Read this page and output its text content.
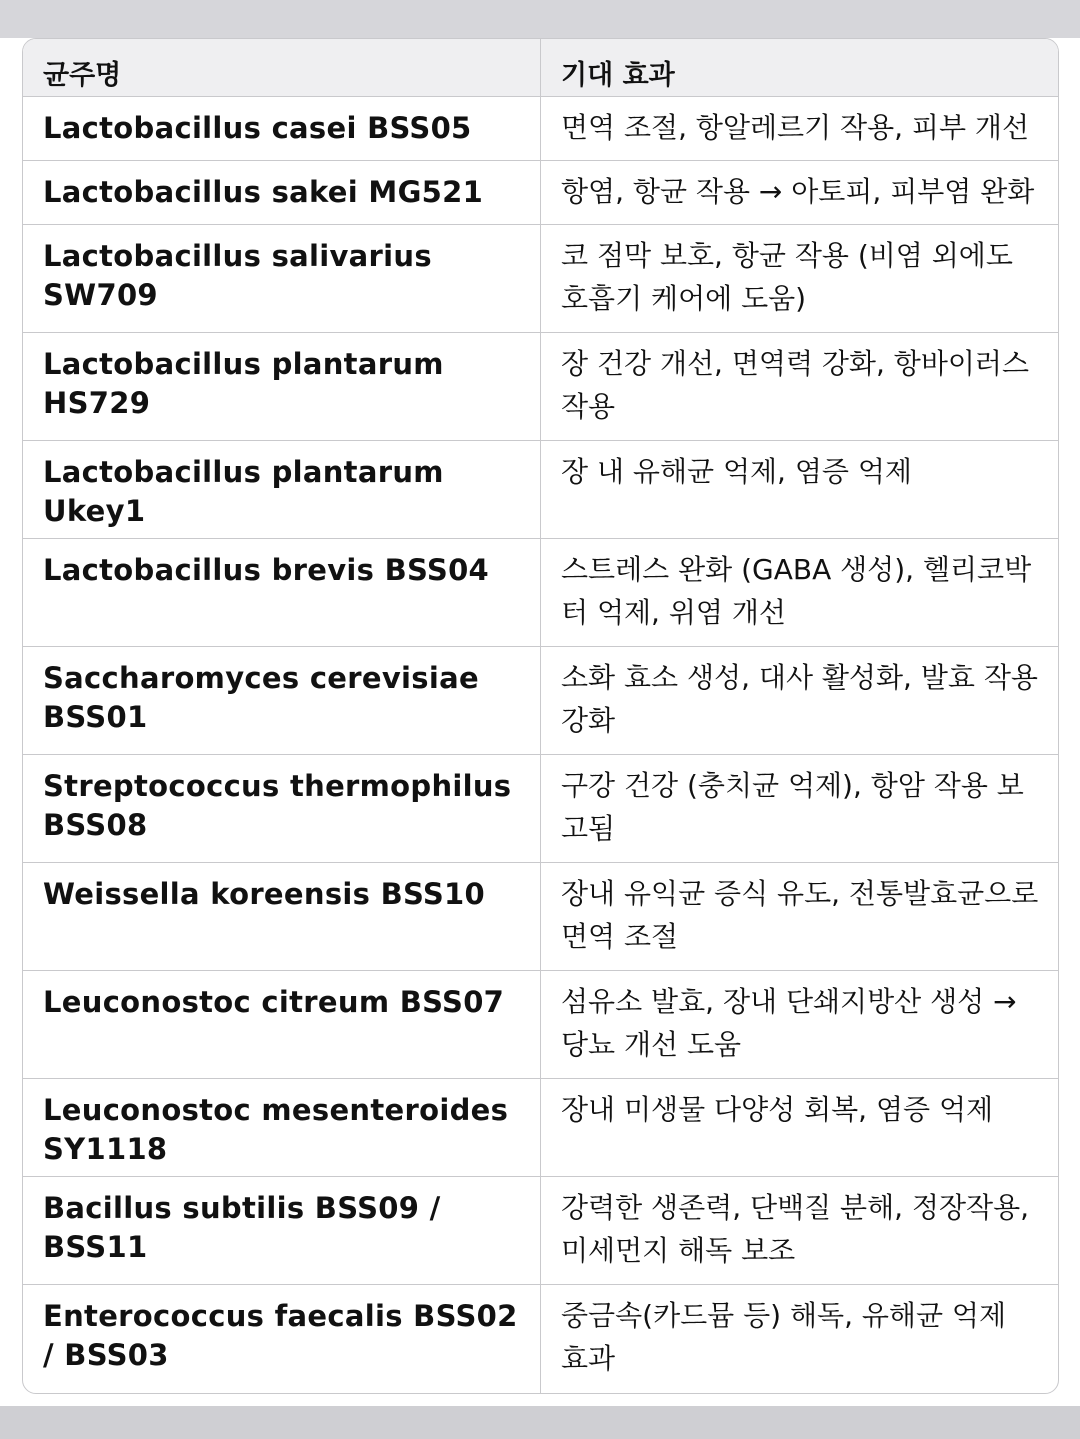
균주명	기대 효과
Lactobacillus casei BSS05	면역 조절, 항알레르기 작용, 피부 개선
Lactobacillus sakei MG521	항염, 항균 작용 → 아토피, 피부염 완화
Lactobacillus salivarius SW709	코 점막 보호, 항균 작용 (비염 외에도 호흡기 케어에 도움)
Lactobacillus plantarum HS729	장 건강 개선, 면역력 강화, 항바이러스 작용
Lactobacillus plantarum Ukey1	장 내 유해균 억제, 염증 억제
Lactobacillus brevis BSS04	스트레스 완화 (GABA 생성), 헬리코박터 억제, 위염 개선
Saccharomyces cerevisiae BSS01	소화 효소 생성, 대사 활성화, 발효 작용 강화
Streptococcus thermophilus BSS08	구강 건강 (충치균 억제), 항암 작용 보고됨
Weissella koreensis BSS10	장내 유익균 증식 유도, 전통발효균으로 면역 조절
Leuconostoc citreum BSS07	섬유소 발효, 장내 단쇄지방산 생성 → 당뇨 개선 도움
Leuconostoc mesenteroides SY1118	장내 미생물 다양성 회복, 염증 억제
Bacillus subtilis BSS09 / BSS11	강력한 생존력, 단백질 분해, 정장작용, 미세먼지 해독 보조
Enterococcus faecalis BSS02 / BSS03	중금속(카드뮴 등) 해독, 유해균 억제 효과
